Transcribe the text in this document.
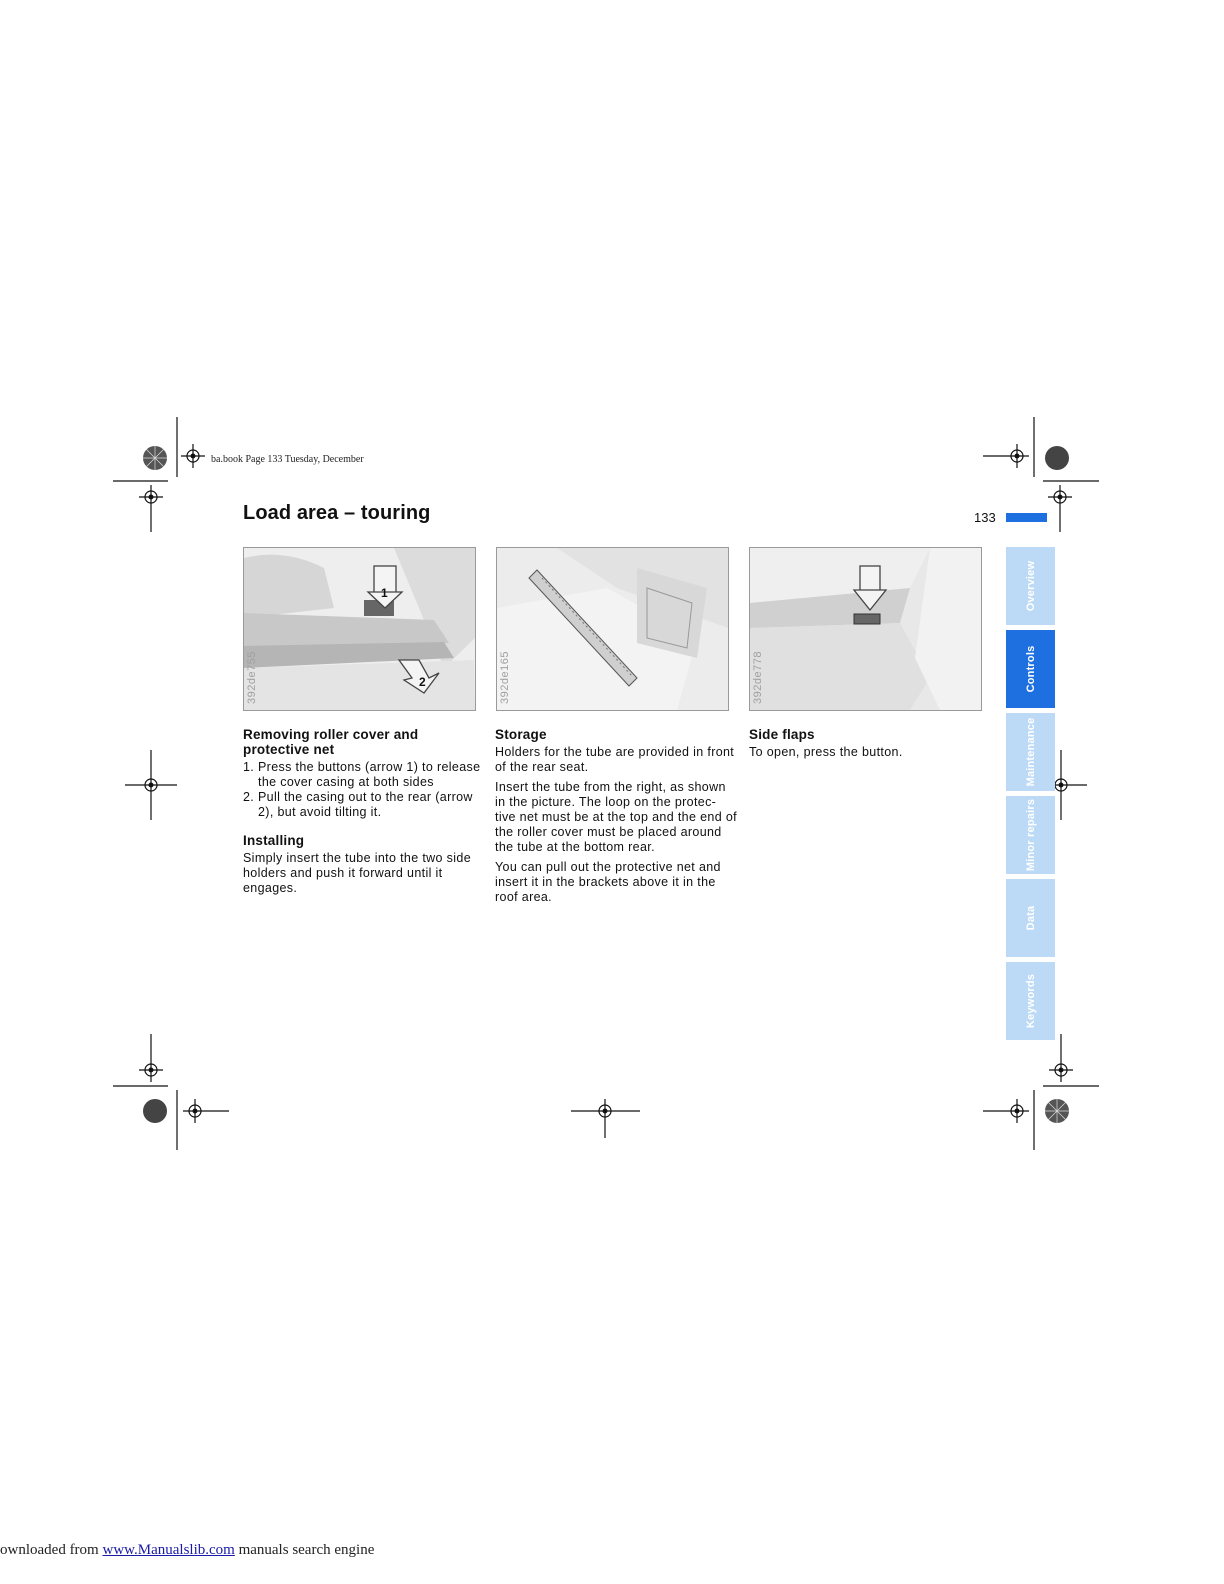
ba.book Page 133 Tuesday, December
Load area – touring	133
1
2
392de755	392de165	392de778
Removing roller cover and protective net
1. Press the buttons (arrow 1) to release the cover casing at both sides
2. Pull the casing out to the rear (arrow 2), but avoid tilting it.
Installing

Simply insert the tube into the two side holders and push it forward until it engages.

Storage

Holders for the tube are provided in front of the rear seat.

Insert the tube from the right, as shown in the picture. The loop on the protec-tive net must be at the top and the end of the roller cover must be placed around the tube at the bottom rear.

You can pull out the protective net and insert it in the brackets above it in the roof area.

Side flaps

To open, press the button.

Overview
Controls
Maintenance
Minor repairs
Data
Keywords
ownloaded from www.Manualslib.com manuals search engine
